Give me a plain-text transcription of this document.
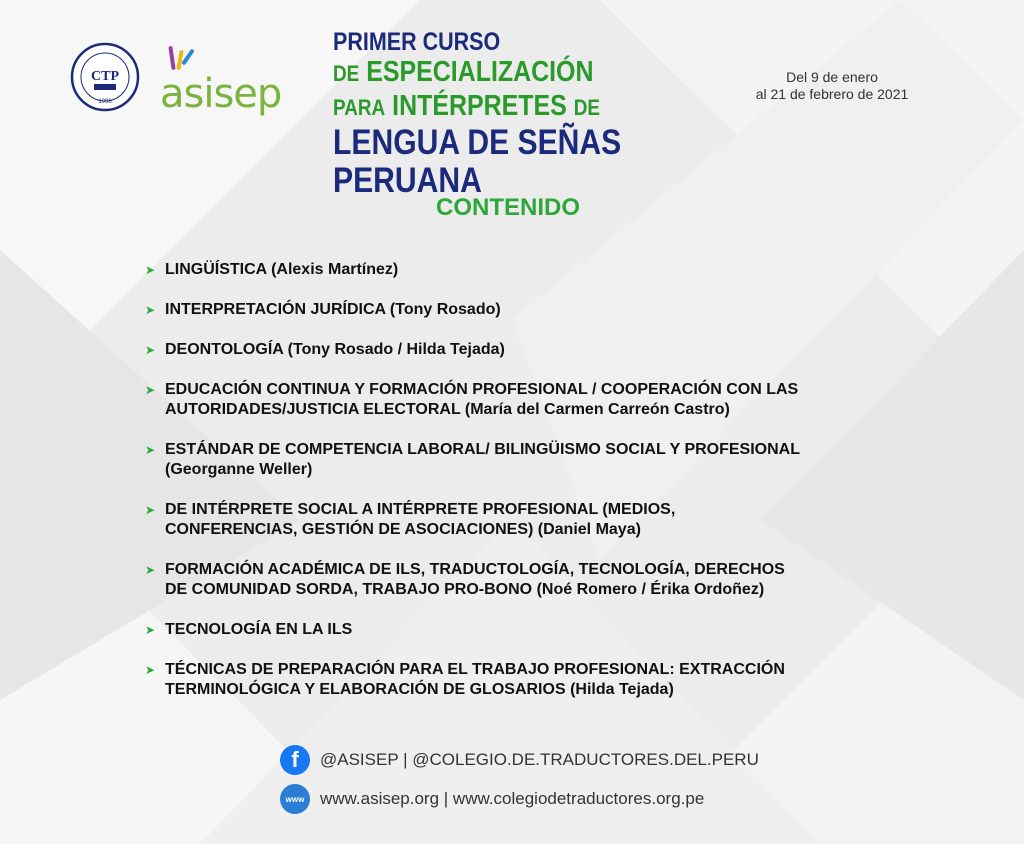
CTP
1996 asisep
PRIMER CURSO
DE ESPECIALIZACIÓN
PARA INTÉRPRETES DE
LENGUA DE SEÑAS PERUANA
Del 9 de enero
al 21 de febrero de 2021
CONTENIDO
➤ LINGÜÍSTICA (Alexis Martínez)
➤ INTERPRETACIÓN JURÍDICA (Tony Rosado)
➤ DEONTOLOGÍA (Tony Rosado / Hilda Tejada)
➤ EDUCACIÓN CONTINUA Y FORMACIÓN PROFESIONAL / COOPERACIÓN CON LAS
AUTORIDADES/JUSTICIA ELECTORAL (María del Carmen Carreón Castro)
➤ ESTÁNDAR DE COMPETENCIA LABORAL/ BILINGÜISMO SOCIAL Y PROFESIONAL
(Georganne Weller)
➤ DE INTÉRPRETE SOCIAL A INTÉRPRETE PROFESIONAL (MEDIOS,
CONFERENCIAS, GESTIÓN DE ASOCIACIONES) (Daniel Maya)
➤ FORMACIÓN ACADÉMICA DE ILS, TRADUCTOLOGÍA, TECNOLOGÍA, DERECHOS
DE COMUNIDAD SORDA, TRABAJO PRO-BONO (Noé Romero / Érika Ordoñez)
➤ TECNOLOGÍA EN LA ILS
➤ TÉCNICAS DE PREPARACIÓN PARA EL TRABAJO PROFESIONAL: EXTRACCIÓN
TERMINOLÓGICA Y ELABORACIÓN DE GLOSARIOS (Hilda Tejada)
f	@ASISEP | @COLEGIO.DE.TRADUCTORES.DEL.PERU
www www.asisep.org | www.colegiodetraductores.org.pe
